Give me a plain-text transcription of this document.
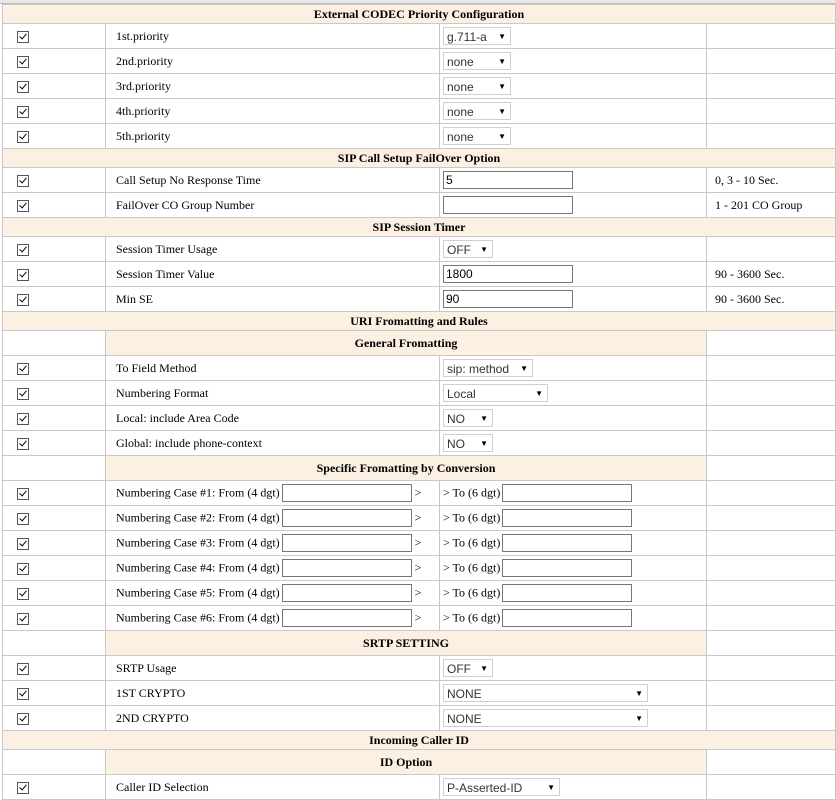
External CODEC Priority Configuration			
	1st.priority	g.711-a ▼	

	2nd.priority	none ▼	

	3rd.priority	none ▼	

	4th.priority	none ▼	

	5th.priority	none ▼	

SIP Call Setup FailOver Option			
	Call Setup No Response Time	5	0, 3 - 10 Sec.
	FailOver CO Group Number		1 - 201 CO Group
SIP Session Timer			
	Session Timer Usage	OFF ▼	

	Session Timer Value	1800	90 - 3600 Sec.
	Min SE	90	90 - 3600 Sec.
URI Fromatting and Rules			
	General Fromatting		
	To Field Method	sip: method ▼	

	Numbering Format	Local ▼	

	Local: include Area Code	NO ▼	

	Global: include phone-context	NO ▼	

	Specific Fromatting by Conversion		
	Numbering Case #1: From (4 dgt) >	> To (6 dgt)	
	Numbering Case #2: From (4 dgt) >	> To (6 dgt)	
	Numbering Case #3: From (4 dgt) >	> To (6 dgt)	
	Numbering Case #4: From (4 dgt) >	> To (6 dgt)	
	Numbering Case #5: From (4 dgt) >	> To (6 dgt)	
	Numbering Case #6: From (4 dgt) >	> To (6 dgt)	
	SRTP SETTING		
	SRTP Usage	OFF ▼	

	1ST CRYPTO	NONE ▼	

	2ND CRYPTO	NONE ▼	

Incoming Caller ID			
	ID Option		
	Caller ID Selection	P-Asserted-ID ▼	
